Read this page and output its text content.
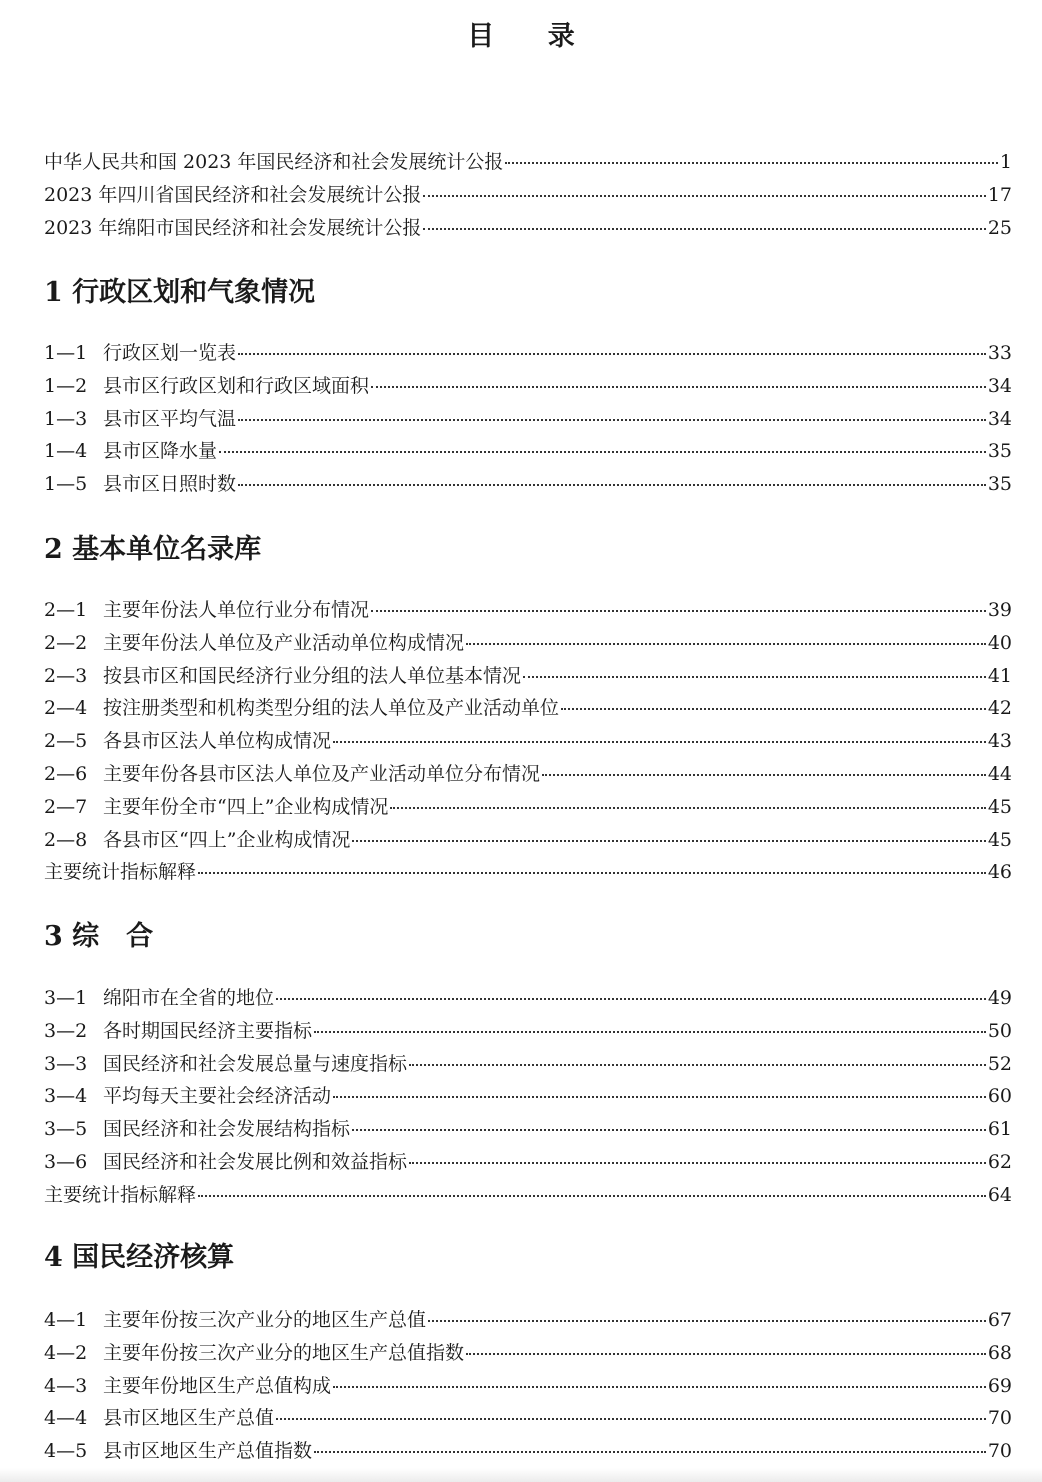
目 录
中华人民共和国 2023 年国民经济和社会发展统计公报	1
2023 年四川省国民经济和社会发展统计公报	17
2023 年绵阳市国民经济和社会发展统计公报	25
1 行政区划和气象情况
1—1 行政区划一览表	33
1—2 县市区行政区划和行政区域面积	34
1—3 县市区平均气温	34
1—4 县市区降水量	35
1—5 县市区日照时数	35
2 基本单位名录库
2—1 主要年份法人单位行业分布情况	39
2—2 主要年份法人单位及产业活动单位构成情况	40
2—3 按县市区和国民经济行业分组的法人单位基本情况	41
2—4 按注册类型和机构类型分组的法人单位及产业活动单位	42
2—5 各县市区法人单位构成情况	43
2—6 主要年份各县市区法人单位及产业活动单位分布情况	44
2—7 主要年份全市“四上”企业构成情况	45
2—8 各县市区“四上”企业构成情况	45
主要统计指标解释	46
3 综　合
3—1 绵阳市在全省的地位	49
3—2 各时期国民经济主要指标	50
3—3 国民经济和社会发展总量与速度指标	52
3—4 平均每天主要社会经济活动	60
3—5 国民经济和社会发展结构指标	61
3—6 国民经济和社会发展比例和效益指标	62
主要统计指标解释	64
4 国民经济核算
4—1 主要年份按三次产业分的地区生产总值	67
4—2 主要年份按三次产业分的地区生产总值指数	68
4—3 主要年份地区生产总值构成	69
4—4 县市区地区生产总值	70
4—5 县市区地区生产总值指数	70
